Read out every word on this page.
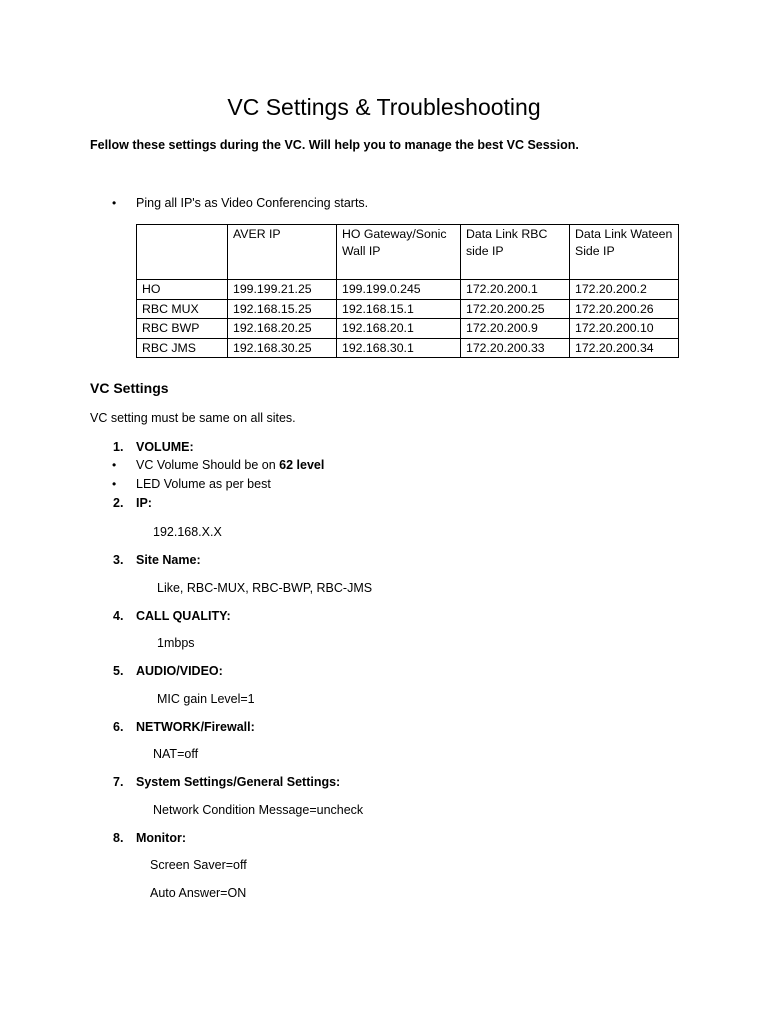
VC Settings & Troubleshooting
Fellow these settings during the VC. Will help you to manage the best VC Session.
• Ping all IP's as Video Conferencing starts.
	AVER IP	HO Gateway/SonicWall IP	Data Link RBC side IP	Data Link Wateen Side IP
HO	199.199.21.25	199.199.0.245	172.20.200.1	172.20.200.2
RBC MUX	192.168.15.25	192.168.15.1	172.20.200.25	172.20.200.26
RBC BWP	192.168.20.25	192.168.20.1	172.20.200.9	172.20.200.10
RBC JMS	192.168.30.25	192.168.30.1	172.20.200.33	172.20.200.34
VC Settings
VC setting must be same on all sites.
1. VOLUME:
• VC Volume Should be on 62 level
• LED Volume as per best
2. IP:
192.168.X.X
3. Site Name:
Like, RBC-MUX, RBC-BWP, RBC-JMS
4. CALL QUALITY:
1mbps
5. AUDIO/VIDEO:
MIC gain Level=1
6. NETWORK/Firewall:
NAT=off
7. System Settings/General Settings:
Network Condition Message=uncheck
8. Monitor:
Screen Saver=off
Auto Answer=ON
